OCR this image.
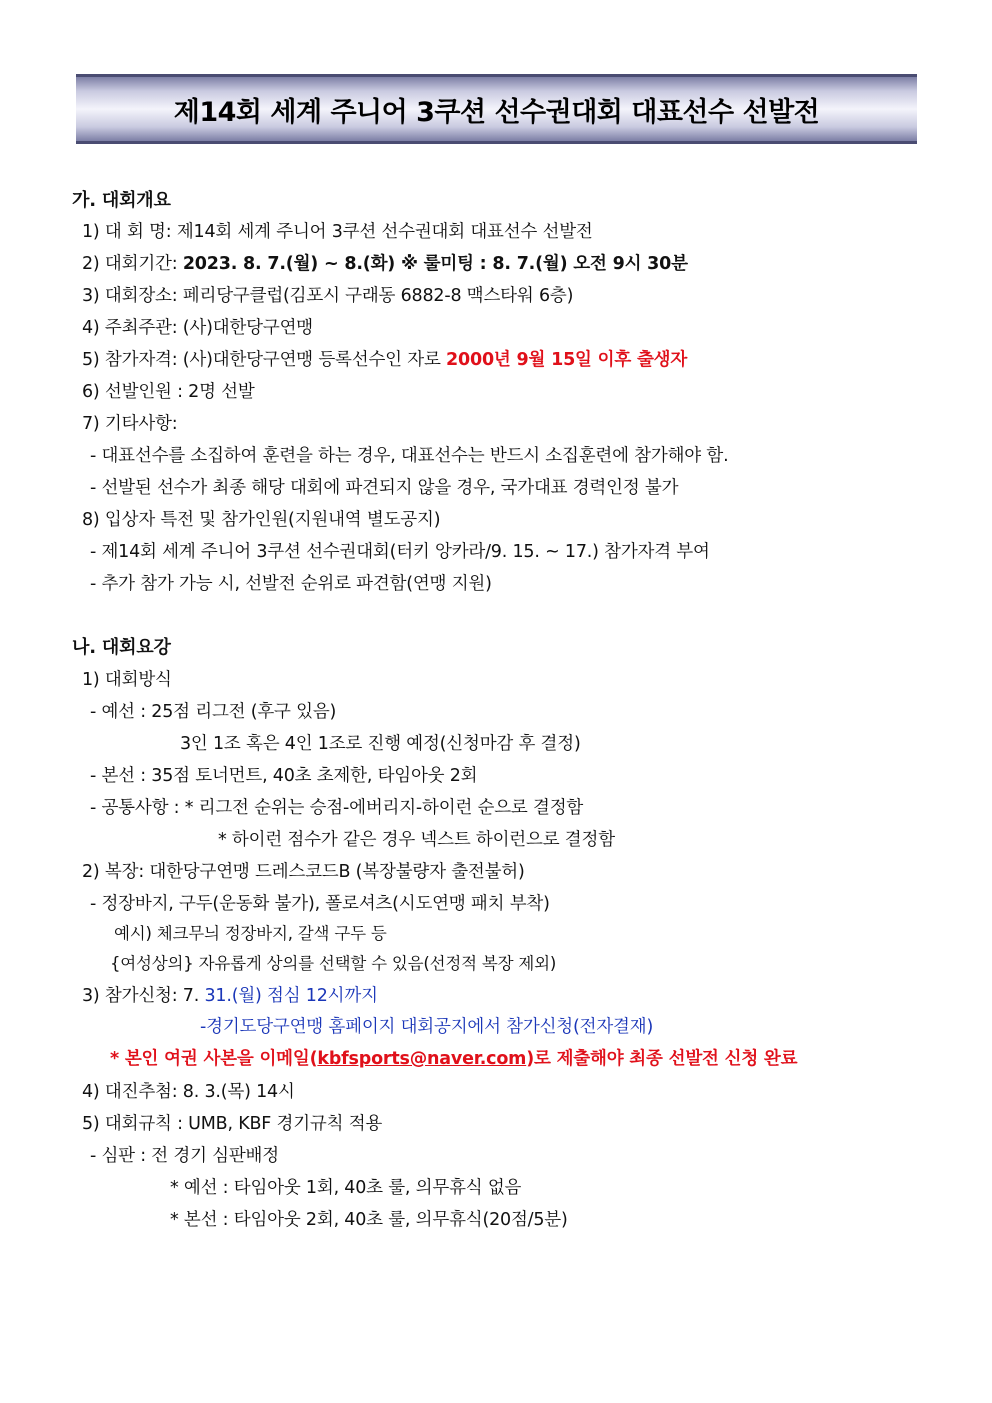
제14회 세계 주니어 3쿠션 선수권대회 대표선수 선발전
가. 대회개요
1) 대 회 명: 제14회 세계 주니어 3쿠션 선수권대회 대표선수 선발전
2) 대회기간: 2023. 8. 7.(월) ~ 8.(화) ※ 룰미팅 : 8. 7.(월) 오전 9시 30분
3) 대회장소: 페리당구클럽(김포시 구래동 6882-8 맥스타워 6층)
4) 주최주관: (사)대한당구연맹
5) 참가자격: (사)대한당구연맹 등록선수인 자로 2000년 9월 15일 이후 출생자
6) 선발인원 : 2명 선발
7) 기타사항:
- 대표선수를 소집하여 훈련을 하는 경우, 대표선수는 반드시 소집훈련에 참가해야 함.
- 선발된 선수가 최종 해당 대회에 파견되지 않을 경우, 국가대표 경력인정 불가
8) 입상자 특전 및 참가인원(지원내역 별도공지)
- 제14회 세계 주니어 3쿠션 선수권대회(터키 앙카라/9. 15. ~ 17.) 참가자격 부여
- 추가 참가 가능 시, 선발전 순위로 파견함(연맹 지원)
나. 대회요강
1) 대회방식
- 예선 : 25점 리그전 (후구 있음)
3인 1조 혹은 4인 1조로 진행 예정(신청마감 후 결정)
- 본선 : 35점 토너먼트, 40초 초제한, 타임아웃 2회
- 공통사항 : * 리그전 순위는 승점-에버리지-하이런 순으로 결정함
* 하이런 점수가 같은 경우 넥스트 하이런으로 결정함
2) 복장: 대한당구연맹 드레스코드B (복장불량자 출전불허)
- 정장바지, 구두(운동화 불가), 폴로셔츠(시도연맹 패치 부착)
예시) 체크무늬 정장바지, 갈색 구두 등
{여성상의} 자유롭게 상의를 선택할 수 있음(선정적 복장 제외)
3) 참가신청: 7. 31.(월) 점심 12시까지
-경기도당구연맹 홈페이지 대회공지에서 참가신청(전자결재)
* 본인 여권 사본을 이메일(kbfsports@naver.com)로 제출해야 최종 선발전 신청 완료
4) 대진추첨: 8. 3.(목) 14시
5) 대회규칙 : UMB, KBF 경기규칙 적용
- 심판 : 전 경기 심판배정
* 예선 : 타임아웃 1회, 40초 룰, 의무휴식 없음
* 본선 : 타임아웃 2회, 40초 룰, 의무휴식(20점/5분)
